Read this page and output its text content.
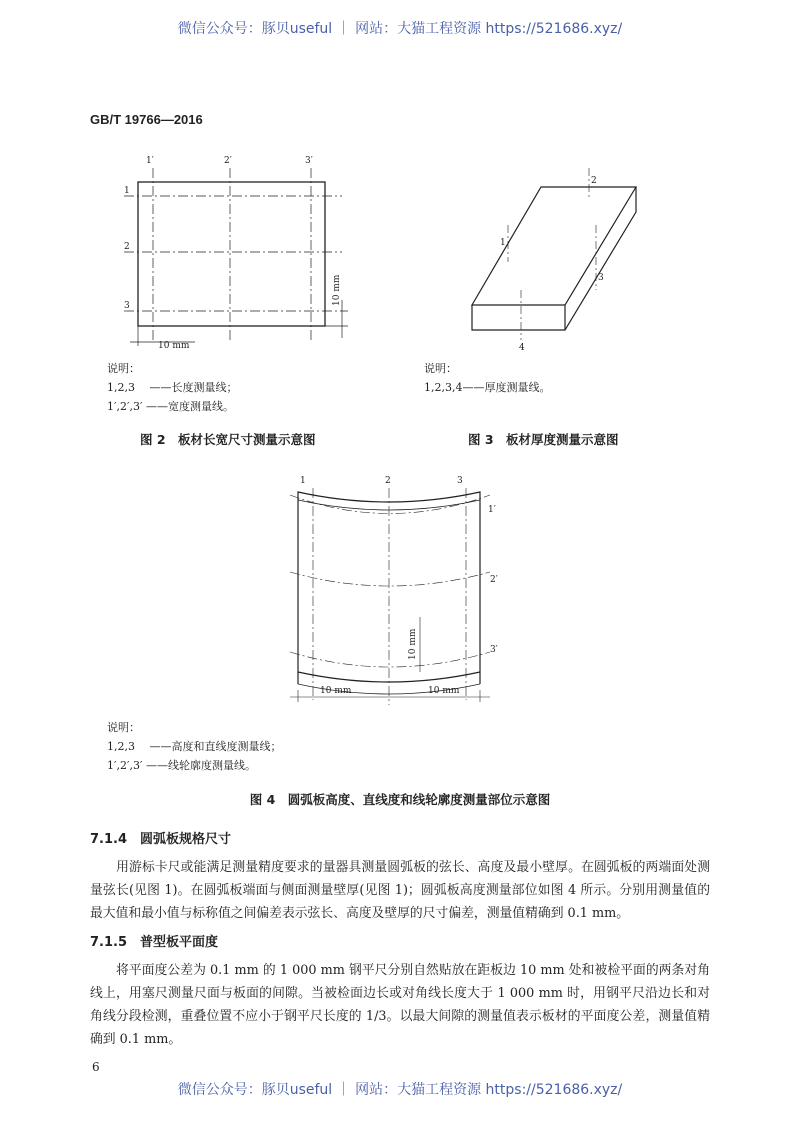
微信公众号：豚贝useful ｜ 网站：大猫工程资源 https://521686.xyz/
GB/T 19766—2016
1′	2′	3′
1
2
3	10 mm
10 mm
1
2
3
4
1	2	3
1′
2′
3′
10 mm
10 mm	10 mm
说明：
1,2,3　 ——长度测量线；
1′,2′,3′ ——宽度测量线。
说明：
1,2,3,4——厚度测量线。
图 2　板材长宽尺寸测量示意图	图 3　板材厚度测量示意图
说明：
1,2,3　 ——高度和直线度测量线；
1′,2′,3′ ——线轮廓度测量线。
图 4　圆弧板高度、直线度和线轮廓度测量部位示意图
7.1.4　圆弧板规格尺寸
用游标卡尺或能满足测量精度要求的量器具测量圆弧板的弦长、高度及最小壁厚。在圆弧板的两端面处测量弦长(见图 1)。在圆弧板端面与侧面测量壁厚(见图 1)；圆弧板高度测量部位如图 4 所示。分别用测量值的最大值和最小值与标称值之间偏差表示弦长、高度及壁厚的尺寸偏差，测量值精确到 0.1 mm。
7.1.5　普型板平面度
将平面度公差为 0.1 mm 的 1 000 mm 钢平尺分别自然贴放在距板边 10 mm 处和被检平面的两条对角线上，用塞尺测量尺面与板面的间隙。当被检面边长或对角线长度大于 1 000 mm 时，用钢平尺沿边长和对角线分段检测，重叠位置不应小于钢平尺长度的 1/3。以最大间隙的测量值表示板材的平面度公差，测量值精确到 0.1 mm。
6
微信公众号：豚贝useful ｜ 网站：大猫工程资源 https://521686.xyz/
